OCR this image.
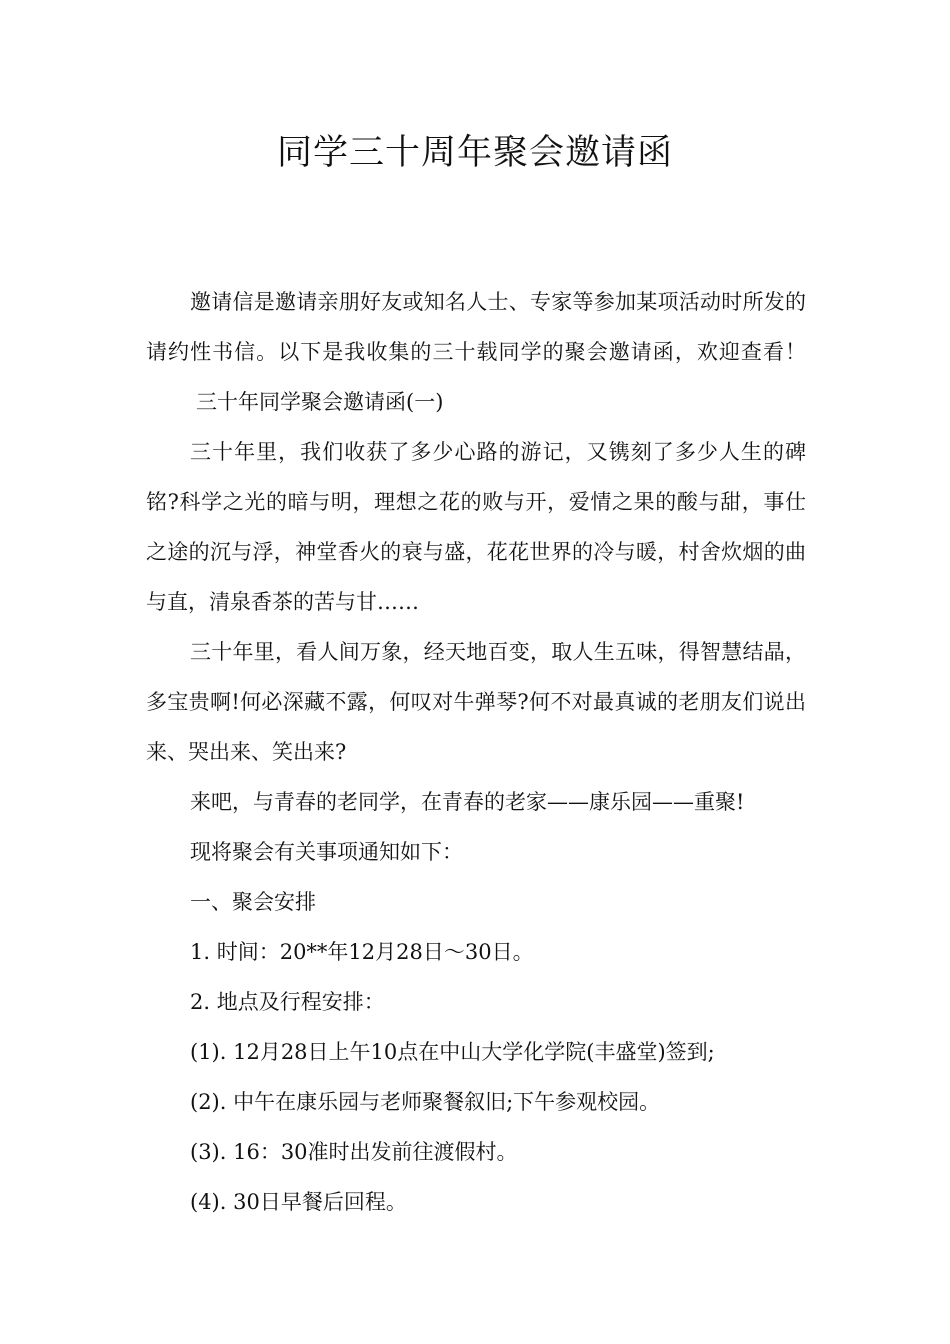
同学三十周年聚会邀请函

邀请信是邀请亲朋好友或知名人士、专家等参加某项活动时所发的请约性书信。以下是我收集的三十载同学的聚会邀请函，欢迎查看！三十年同学聚会邀请函(一)

三十年里，我们收获了多少心路的游记，又镌刻了多少人生的碑铭?科学之光的暗与明，理想之花的败与开，爱情之果的酸与甜，事仕之途的沉与浮，神堂香火的衰与盛，花花世界的冷与暖，村舍炊烟的曲与直，清泉香茶的苦与甘……

三十年里，看人间万象，经天地百变，取人生五味，得智慧结晶，多宝贵啊!何必深藏不露，何叹对牛弹琴?何不对最真诚的老朋友们说出来、哭出来、笑出来?

来吧，与青春的老同学，在青春的老家——康乐园——重聚!

现将聚会有关事项通知如下：

一、聚会安排

1. 时间：20**年12月28日～30日。

2. 地点及行程安排：

(1). 12月28日上午10点在中山大学化学院(丰盛堂)签到;

(2). 中午在康乐园与老师聚餐叙旧;下午参观校园。

(3). 16：30准时出发前往渡假村。

(4). 30日早餐后回程。
